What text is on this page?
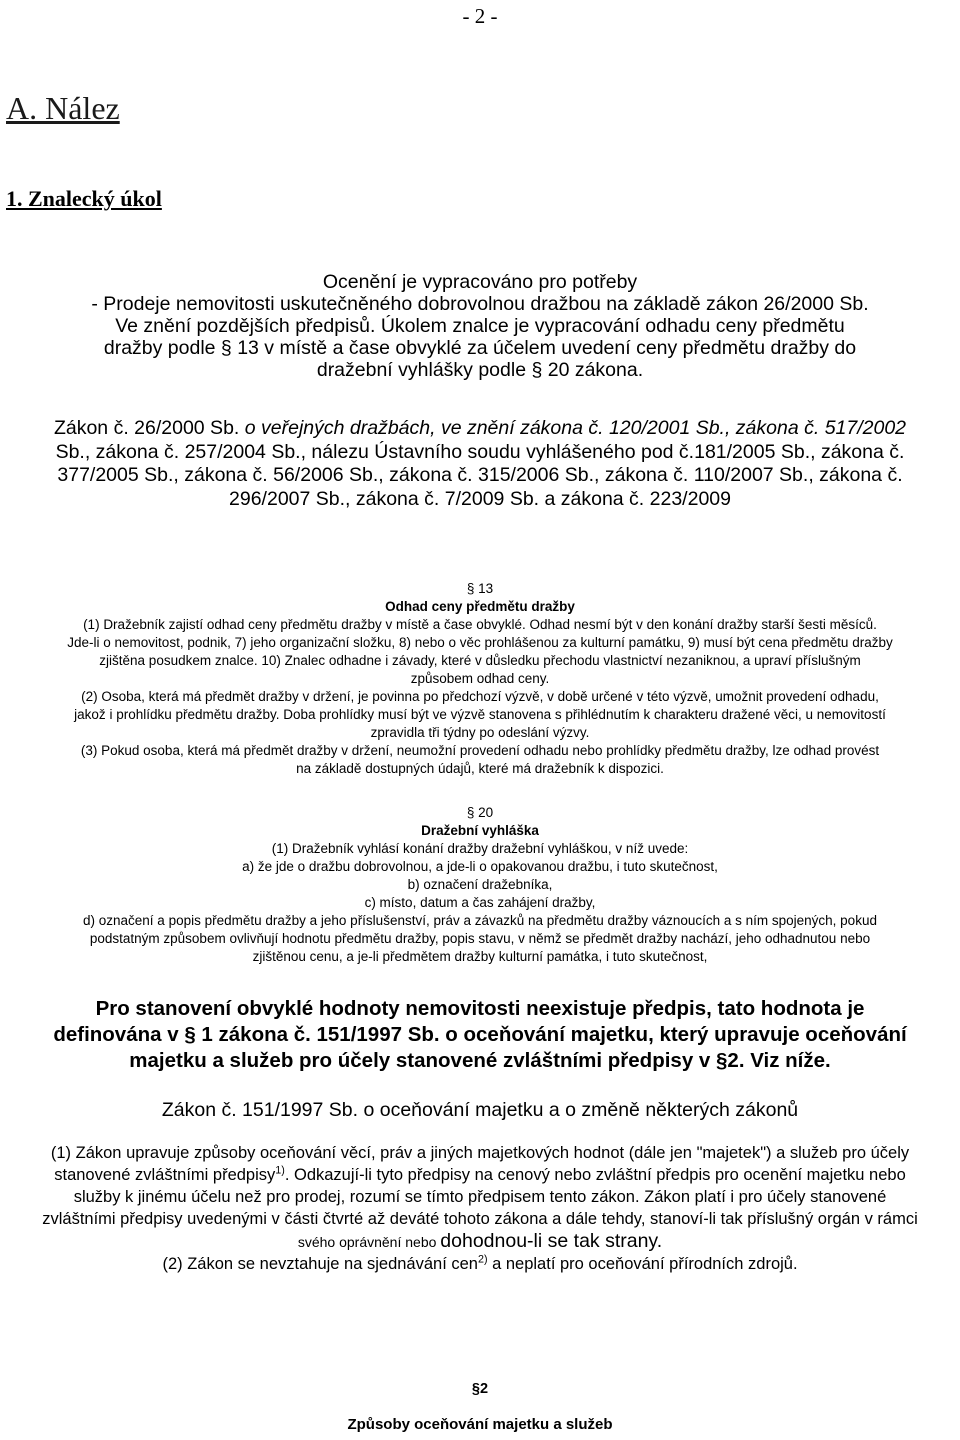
- 2 -
A. Nález
1. Znalecký úkol
Ocenění je vypracováno pro potřeby
- Prodeje nemovitosti uskutečněného dobrovolnou dražbou na základě zákon 26/2000 Sb.
Ve znění pozdějších předpisů. Úkolem znalce je vypracování odhadu ceny předmětu
dražby podle § 13 v místě a čase obvyklé za účelem uvedení ceny předmětu dražby do
dražební vyhlášky podle § 20 zákona.
Zákon č. 26/2000 Sb. o veřejných dražbách, ve znění zákona č. 120/2001 Sb., zákona č. 517/2002
Sb., zákona č. 257/2004 Sb., nálezu Ústavního soudu vyhlášeného pod č.181/2005 Sb., zákona č.
377/2005 Sb., zákona č. 56/2006 Sb., zákona č. 315/2006 Sb., zákona č. 110/2007 Sb., zákona č.
296/2007 Sb., zákona č. 7/2009 Sb. a zákona č. 223/2009
§ 13
Odhad ceny předmětu dražby
(1) Dražebník zajistí odhad ceny předmětu dražby v místě a čase obvyklé. Odhad nesmí být v den konání dražby starší šesti měsíců.
Jde-li o nemovitost, podnik, 7) jeho organizační složku, 8) nebo o věc prohlášenou za kulturní památku, 9) musí být cena předmětu dražby
zjištěna posudkem znalce. 10) Znalec odhadne i závady, které v důsledku přechodu vlastnictví nezaniknou, a upraví příslušným
způsobem odhad ceny.
(2) Osoba, která má předmět dražby v držení, je povinna po předchozí výzvě, v době určené v této výzvě, umožnit provedení odhadu,
jakož i prohlídku předmětu dražby. Doba prohlídky musí být ve výzvě stanovena s přihlédnutím k charakteru dražené věci, u nemovitostí
zpravidla tři týdny po odeslání výzvy.
(3) Pokud osoba, která má předmět dražby v držení, neumožní provedení odhadu nebo prohlídky předmětu dražby, lze odhad provést
na základě dostupných údajů, které má dražebník k dispozici.
§ 20
Dražební vyhláška
(1) Dražebník vyhlásí konání dražby dražební vyhláškou, v níž uvede:
a) že jde o dražbu dobrovolnou, a jde-li o opakovanou dražbu, i tuto skutečnost,
b) označení dražebníka,
c) místo, datum a čas zahájení dražby,
d) označení a popis předmětu dražby a jeho příslušenství, práv a závazků na předmětu dražby váznoucích a s ním spojených, pokud
podstatným způsobem ovlivňují hodnotu předmětu dražby, popis stavu, v němž se předmět dražby nachází, jeho odhadnutou nebo
zjištěnou cenu, a je-li předmětem dražby kulturní památka, i tuto skutečnost,
Pro stanovení obvyklé hodnoty nemovitosti neexistuje předpis, tato hodnota je
definována v § 1 zákona č. 151/1997 Sb. o oceňování majetku, který upravuje oceňování
majetku a služeb pro účely stanovené zvláštními předpisy v §2. Viz níže.
Zákon č. 151/1997 Sb. o oceňování majetku a o změně některých zákonů
(1) Zákon upravuje způsoby oceňování věcí, práv a jiných majetkových hodnot (dále jen "majetek") a služeb pro účely
stanovené zvláštními předpisy$^{1)}$. Odkazují-li tyto předpisy na cenový nebo zvláštní předpis pro ocenění majetku nebo
služby k jinému účelu než pro prodej, rozumí se tímto předpisem tento zákon. Zákon platí i pro účely stanovené
zvláštními předpisy uvedenými v části čtvrté až deváté tohoto zákona a dále tehdy, stanoví-li tak příslušný orgán v rámci
svého oprávnění nebo dohodnou-li se tak strany.
(2) Zákon se nevztahuje na sjednávání cen$^{2)}$ a neplatí pro oceňování přírodních zdrojů.
§2
Způsoby oceňování majetku a služeb
